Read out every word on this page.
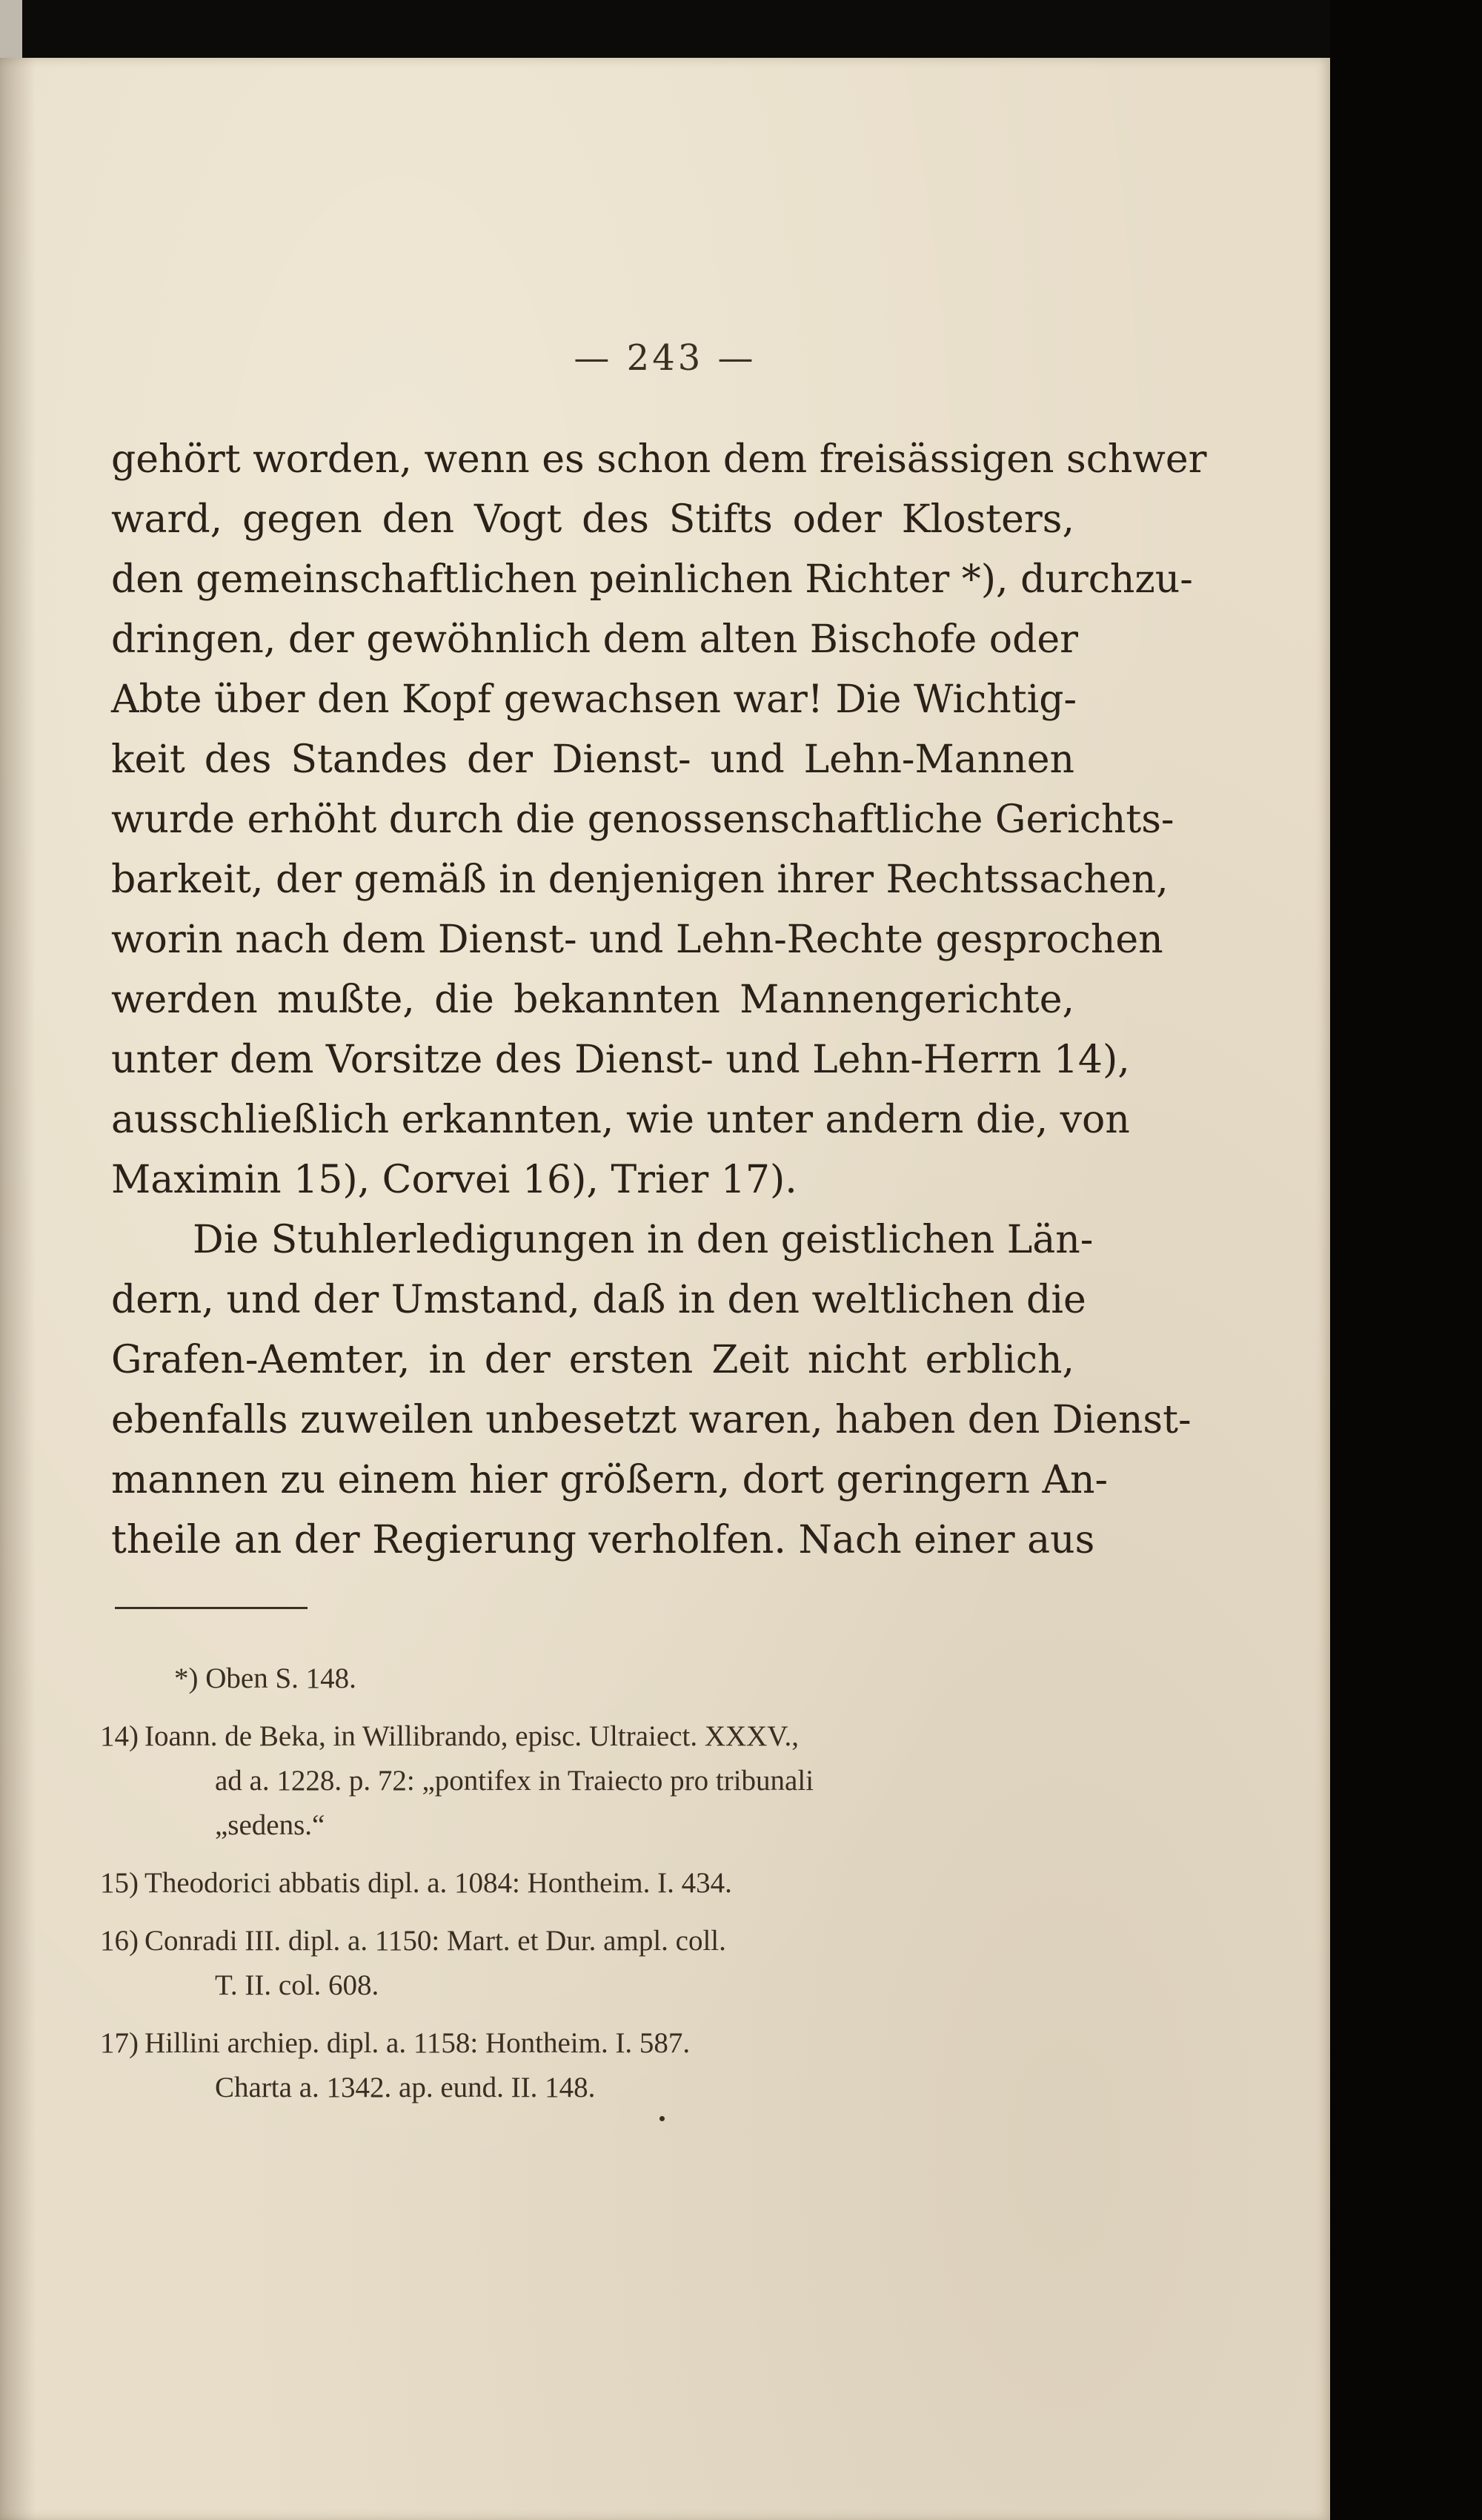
— 243 —
gehört worden, wenn es schon dem freisässigen schwer
ward, gegen den Vogt des Stifts oder Klosters,
den gemeinschaftlichen peinlichen Richter *), durchzu-
dringen, der gewöhnlich dem alten Bischofe oder
Abte über den Kopf gewachsen war! Die Wichtig-
keit des Standes der Dienst- und Lehn-Mannen
wurde erhöht durch die genossenschaftliche Gerichts-
barkeit, der gemäß in denjenigen ihrer Rechtssachen,
worin nach dem Dienst- und Lehn-Rechte gesprochen
werden mußte, die bekannten Mannengerichte,
unter dem Vorsitze des Dienst- und Lehn-Herrn 14),
ausschließlich erkannten, wie unter andern die, von
Maximin 15), Corvei 16), Trier 17).
Die Stuhlerledigungen in den geistlichen Län-
dern, und der Umstand, daß in den weltlichen die
Grafen-Aemter, in der ersten Zeit nicht erblich,
ebenfalls zuweilen unbesetzt waren, haben den Dienst-
mannen zu einem hier größern, dort geringern An-
theile an der Regierung verholfen. Nach einer aus
*) Oben S. 148.
14) Ioann. de Beka, in Willibrando, episc. Ultraiect. XXXV.,
ad a. 1228. p. 72: „pontifex in Traiecto pro tribunali
„sedens.“
15) Theodorici abbatis dipl. a. 1084: Hontheim. I. 434.
16) Conradi III. dipl. a. 1150: Mart. et Dur. ampl. coll.
T. II. col. 608.
17) Hillini archiep. dipl. a. 1158: Hontheim. I. 587.
Charta a. 1342. ap. eund. II. 148.
